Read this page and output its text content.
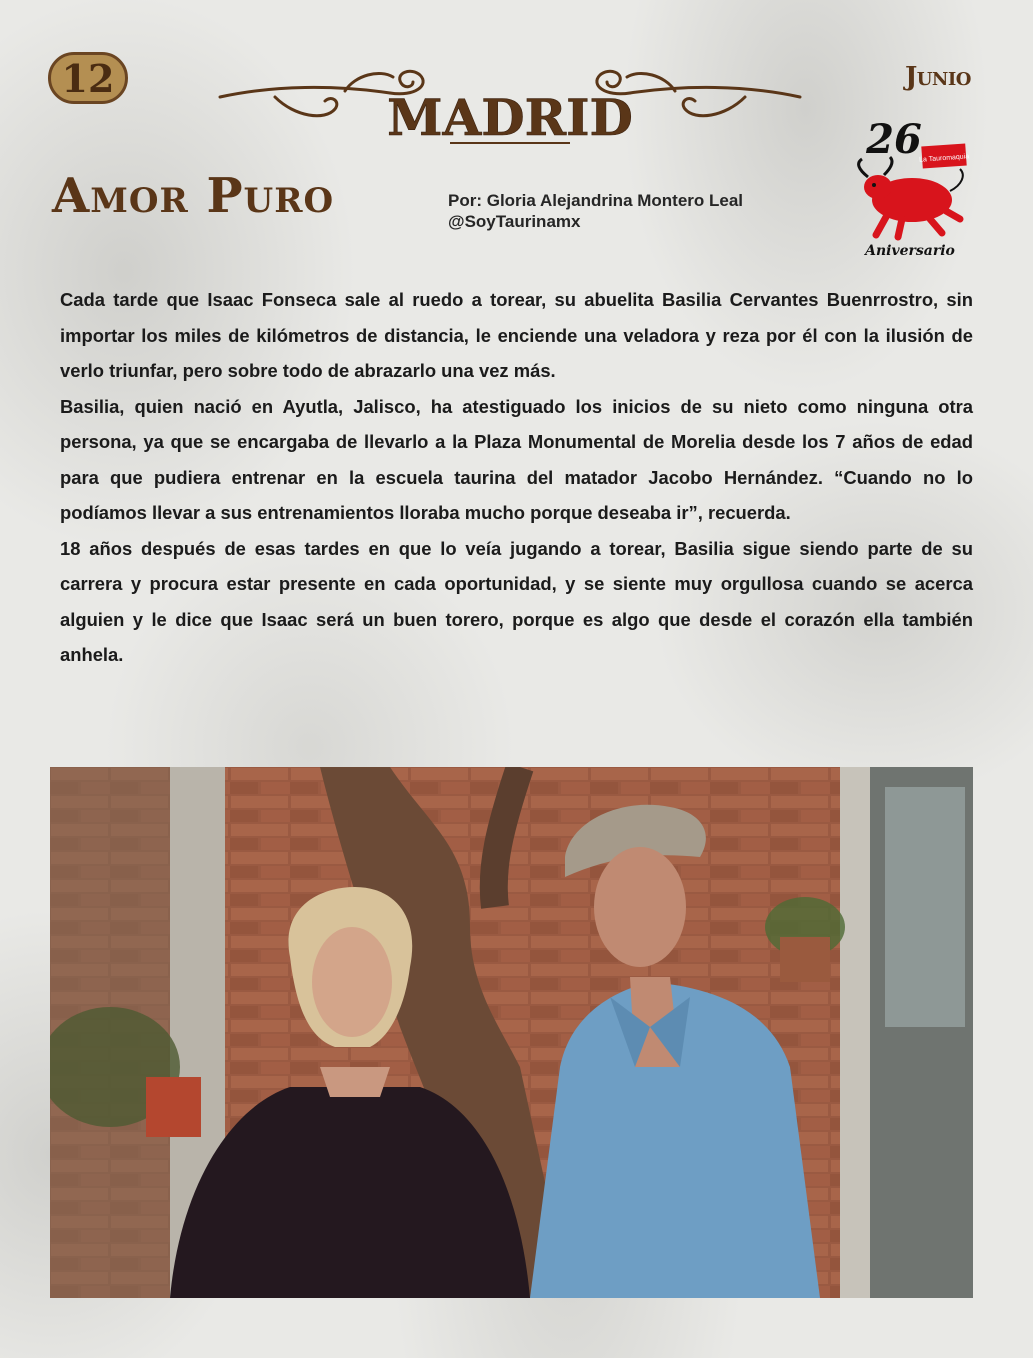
12	Junio
MADRID
Amor Puro	Por: Gloria Alejandrina Montero Leal
@SoyTaurinamx
La Tauromaquia
26
Aniversario

Cada tarde que Isaac Fonseca sale al ruedo a torear, su abuelita Basilia Cervantes Buenrrostro, sin importar los miles de kilómetros de distancia, le enciende una veladora y reza por él con la ilusión de verlo triunfar, pero sobre todo de abrazarlo una vez más.

Basilia, quien nació en Ayutla, Jalisco, ha atestiguado los inicios de su nieto como ninguna otra persona, ya que se encargaba de llevarlo a la Plaza Monumental de Morelia desde los 7 años de edad para que pudiera entrenar en la escuela taurina del matador Jacobo Hernández. “Cuando no lo podíamos llevar a sus entrenamientos lloraba mucho porque deseaba ir”, recuerda.

18 años después de esas tardes en que lo veía jugando a torear, Basilia sigue siendo parte de su carrera y procura estar presente en cada oportunidad, y se siente muy orgullosa cuando se acerca alguien y le dice que Isaac será un buen torero, porque es algo que desde el corazón ella también anhela.
